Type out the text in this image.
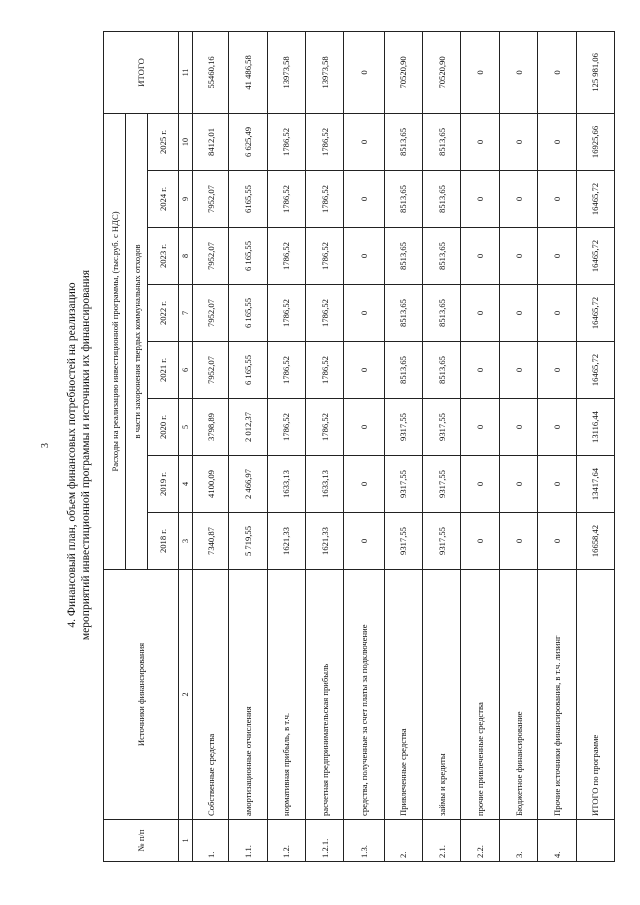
3 4. Финансовый план, объем финансовых потребностей на реализацию мероприятий инвестиционной программы и источники их финансирования
№ п/п	Источники финансирования	Расходы на реализацию инвестиционной программы, (тыс.руб. с НДС)								ИТОГО
		в части захоронения твердых коммунальных отходов								
		2018 г.	2019 г.	2020 г.	2021 г.	2022 г.	2023 г.	2024 г.	2025 г.	
1	2	3	4	5	6	7	8	9	10	11
1.	Собственные средства	7340,87	4100,09	3798,89	7952,07	7952,07	7952,07	7952,07	8412,01	55460,16
1.1.	амортизационные отчисления	5 719,55	2 466,97	2 012,37	6 165,55	6 165,55	6 165,55	6165,55	6 625,49	41 486,58
1.2.	нормативная прибыль, в т.ч.	1621,33	1633,13	1786,52	1786,52	1786,52	1786,52	1786,52	1786,52	13973,58
1.2.1.	расчетная предпринимательская прибыль	1621,33	1633,13	1786,52	1786,52	1786,52	1786,52	1786,52	1786,52	13973,58
1.3.	средства, полученные за счет платы за подключение	0	0	0	0	0	0	0	0	0
2.	Привлеченные средства	9317,55	9317,55	9317,55	8513,65	8513,65	8513,65	8513,65	8513,65	70520,90
2.1.	займы и кредиты	9317,55	9317,55	9317,55	8513,65	8513,65	8513,65	8513,65	8513,65	70520,90
2.2.	прочие привлеченные средства	0	0	0	0	0	0	0	0	0
3.	Бюджетное финансирование	0	0	0	0	0	0	0	0	0
4.	Прочие источники финансирования, в т.ч. лизинг	0	0	0	0	0	0	0	0	0
	ИТОГО по программе	16658,42	13417,64	13116,44	16465,72	16465,72	16465,72	16465,72	16925,66	125 981,06
